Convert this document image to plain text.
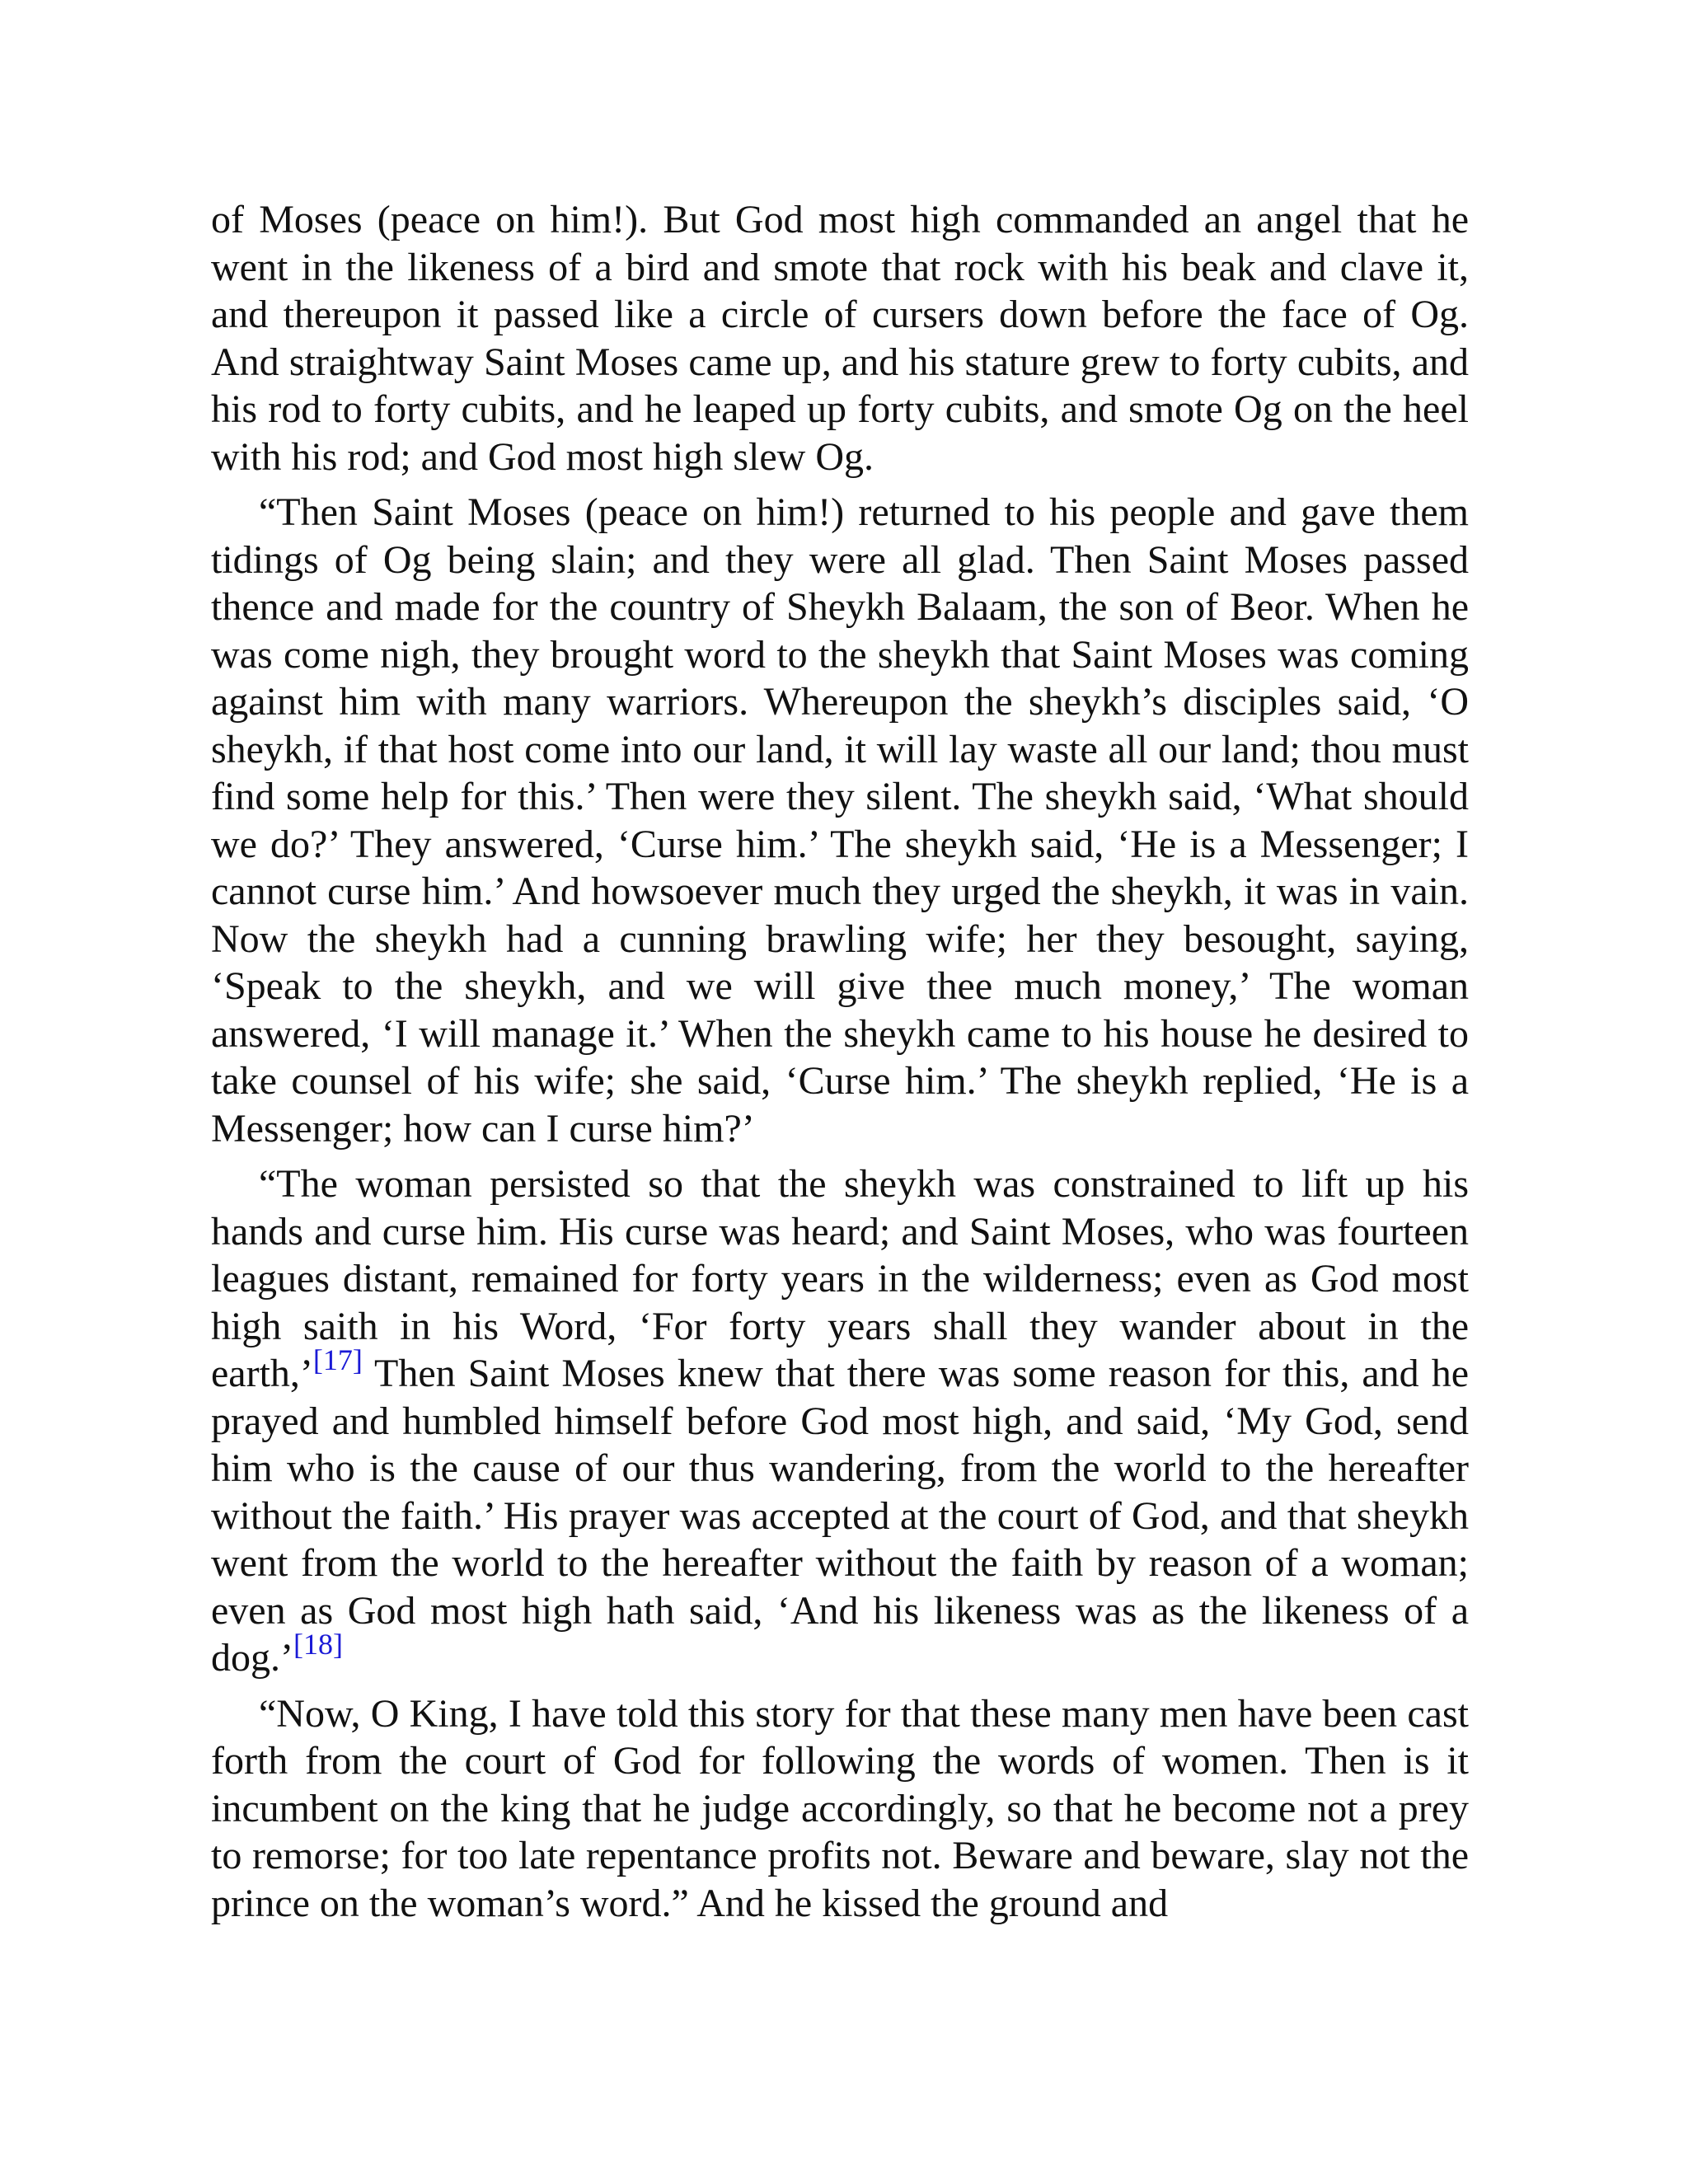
of Moses (peace on him!). But God most high commanded an angel that he went in the likeness of a bird and smote that rock with his beak and clave it, and thereupon it passed like a circle of cursers down before the face of Og. And straightway Saint Moses came up, and his stature grew to forty cubits, and his rod to forty cubits, and he leaped up forty cubits, and smote Og on the heel with his rod; and God most high slew Og.

“Then Saint Moses (peace on him!) returned to his people and gave them tidings of Og being slain; and they were all glad. Then Saint Moses passed thence and made for the country of Sheykh Balaam, the son of Beor. When he was come nigh, they brought word to the sheykh that Saint Moses was coming against him with many warriors. Whereupon the sheykh’s disciples said, ‘O sheykh, if that host come into our land, it will lay waste all our land; thou must find some help for this.’ Then were they silent. The sheykh said, ‘What should we do?’ They answered, ‘Curse him.’ The sheykh said, ‘He is a Messenger; I cannot curse him.’ And howsoever much they urged the sheykh, it was in vain. Now the sheykh had a cunning brawling wife; her they besought, saying, ‘Speak to the sheykh, and we will give thee much money,’ The woman answered, ‘I will manage it.’ When the sheykh came to his house he desired to take counsel of his wife; she said, ‘Curse him.’ The sheykh replied, ‘He is a Messenger; how can I curse him?’

“The woman persisted so that the sheykh was constrained to lift up his hands and curse him. His curse was heard; and Saint Moses, who was fourteen leagues distant, remained for forty years in the wilderness; even as God most high saith in his Word, ‘For forty years shall they wander about in the earth,’[17] Then Saint Moses knew that there was some reason for this, and he prayed and humbled himself before God most high, and said, ‘My God, send him who is the cause of our thus wandering, from the world to the hereafter without the faith.’ His prayer was accepted at the court of God, and that sheykh went from the world to the hereafter without the faith by reason of a woman; even as God most high hath said, ‘And his likeness was as the likeness of a dog.’[18]

“Now, O King, I have told this story for that these many men have been cast forth from the court of God for following the words of women. Then is it incumbent on the king that he judge accordingly, so that he become not a prey to remorse; for too late repentance profits not. Beware and beware, slay not the prince on the woman’s word.” And he kissed the ground and
